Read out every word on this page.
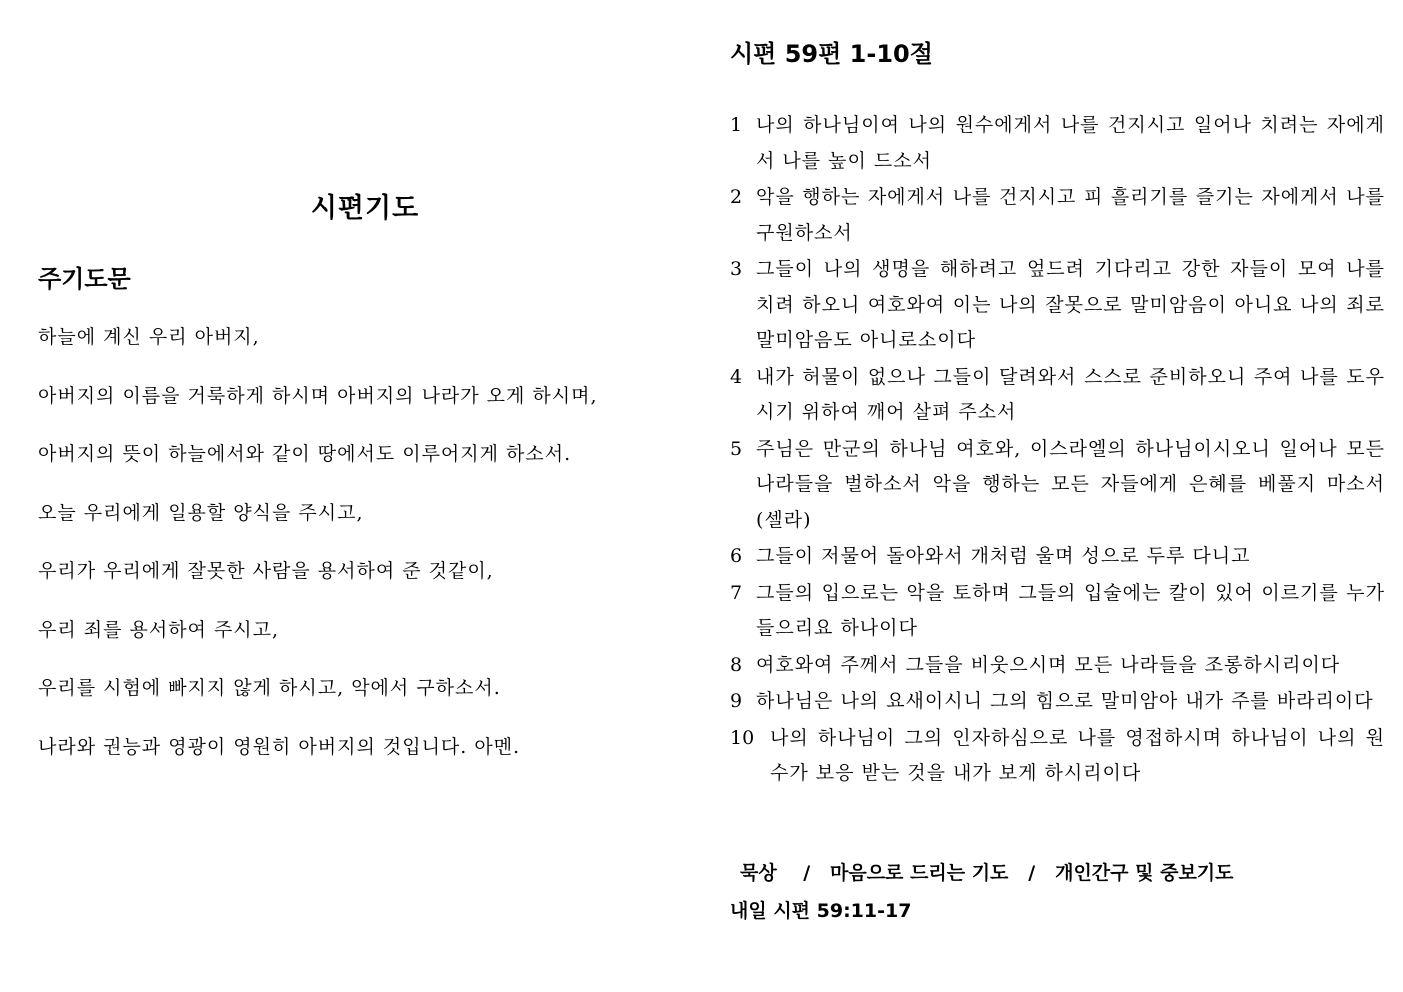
시편기도
주기도문
하늘에 계신 우리 아버지,
아버지의 이름을 거룩하게 하시며 아버지의 나라가 오게 하시며,
아버지의 뜻이 하늘에서와 같이 땅에서도 이루어지게 하소서.
오늘 우리에게 일용할 양식을 주시고,
우리가 우리에게 잘못한 사람을 용서하여 준 것같이,
우리 죄를 용서하여 주시고,
우리를 시험에 빠지지 않게 하시고, 악에서 구하소서.
나라와 권능과 영광이 영원히 아버지의 것입니다. 아멘.
시편 59편 1-10절
1 나의 하나님이여 나의 원수에게서 나를 건지시고 일어나 치려는 자에게서 나를 높이 드소서
2 악을 행하는 자에게서 나를 건지시고 피 흘리기를 즐기는 자에게서 나를 구원하소서
3 그들이 나의 생명을 해하려고 엎드려 기다리고 강한 자들이 모여 나를 치려 하오니 여호와여 이는 나의 잘못으로 말미암음이 아니요 나의 죄로 말미암음도 아니로소이다
4 내가 허물이 없으나 그들이 달려와서 스스로 준비하오니 주여 나를 도우시기 위하여 깨어 살펴 주소서
5 주님은 만군의 하나님 여호와, 이스라엘의 하나님이시오니 일어나 모든 나라들을 벌하소서 악을 행하는 모든 자들에게 은혜를 베풀지 마소서 (셀라)
6 그들이 저물어 돌아와서 개처럼 울며 성으로 두루 다니고
7 그들의 입으로는 악을 토하며 그들의 입술에는 칼이 있어 이르기를 누가 들으리요 하나이다
8 여호와여 주께서 그들을 비웃으시며 모든 나라들을 조롱하시리이다
9 하나님은 나의 요새이시니 그의 힘으로 말미암아 내가 주를 바라리이다
10 나의 하나님이 그의 인자하심으로 나를 영접하시며 하나님이 나의 원수가 보응 받는 것을 내가 보게 하시리이다
묵상 / 마음으로 드리는 기도 / 개인간구 및 중보기도
내일 시편 59:11-17
